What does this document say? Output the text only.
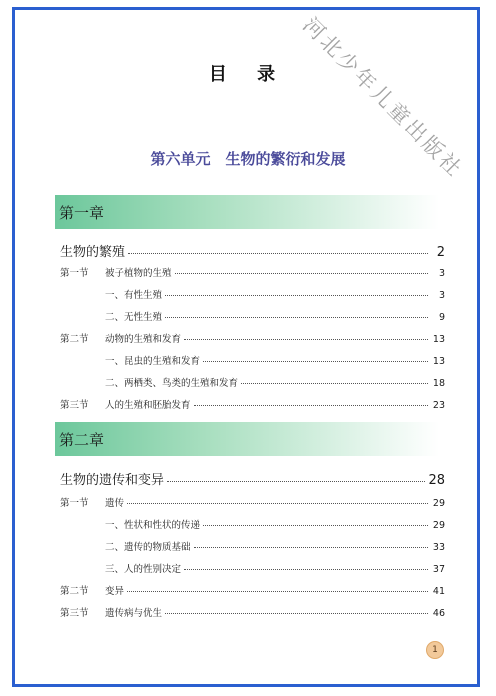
河北少年儿童出版社
目 录
第六单元　生物的繁衍和发展
第一章
生物的繁殖	2
第一节	被子植物的生殖	3
一、有性生殖	3
二、无性生殖	9
第二节	动物的生殖和发育	13
一、昆虫的生殖和发育	13
二、两栖类、鸟类的生殖和发育	18
第三节	人的生殖和胚胎发育	23
第二章
生物的遗传和变异	28
第一节	遗传	29
一、性状和性状的传递	29
二、遗传的物质基础	33
三、人的性别决定	37
第二节	变异	41
第三节	遗传病与优生	46
1
